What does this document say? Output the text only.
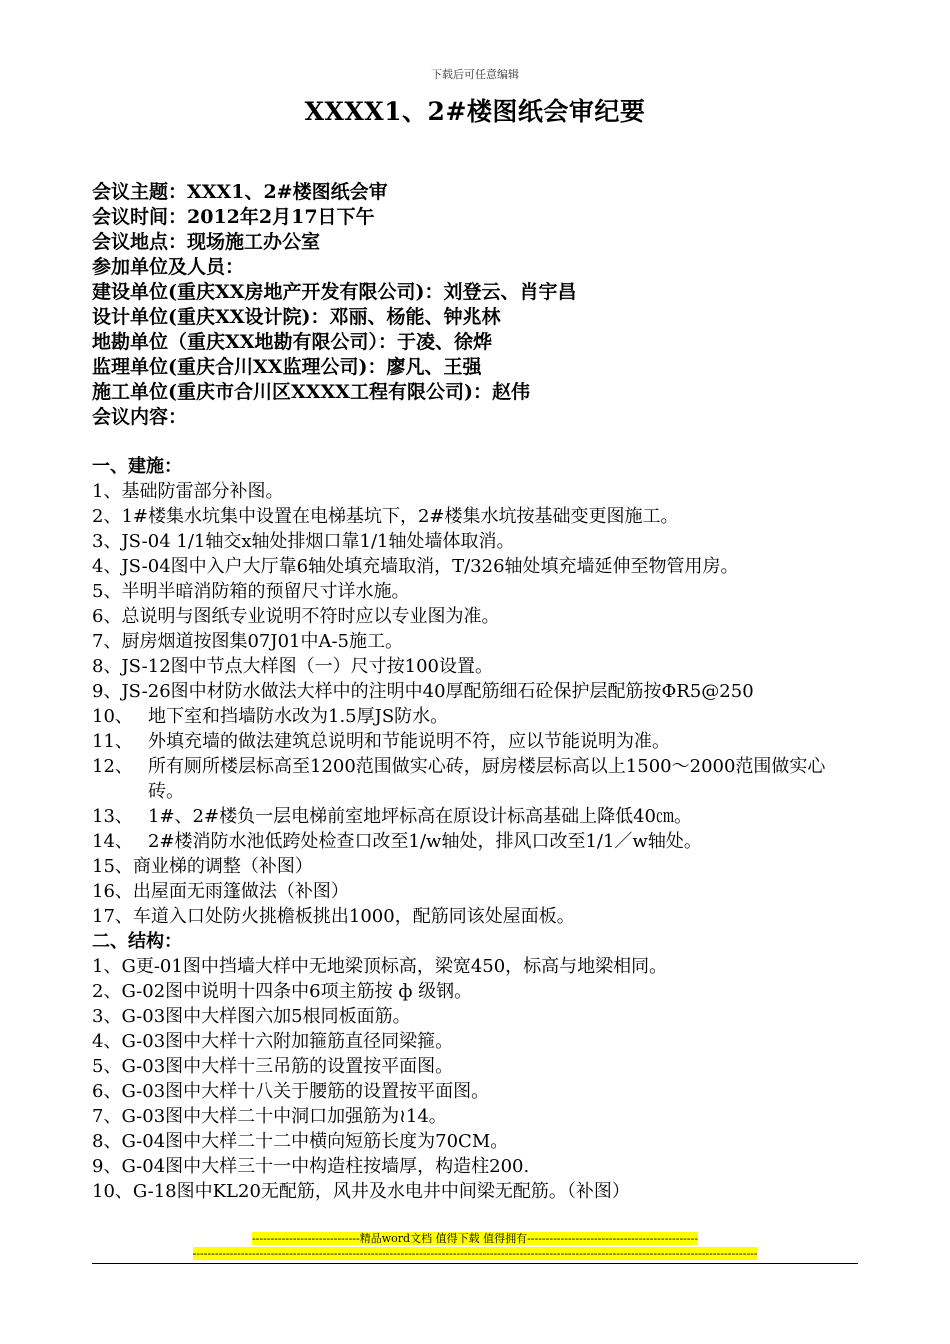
下载后可任意编辑
XXXX1、2#楼图纸会审纪要
会议主题：XXX1、2#楼图纸会审
会议时间：2012年2月17日下午
会议地点：现场施工办公室
参加单位及人员：
建设单位(重庆XX房地产开发有限公司)：刘登云、肖宇昌
设计单位(重庆XX设计院)：邓丽、杨能、钟兆林
地勘单位（重庆XX地勘有限公司）：于凌、徐烨
监理单位(重庆合川XX监理公司)：廖凡、王强
施工单位(重庆市合川区XXXX工程有限公司)：赵伟
会议内容：
一、建施：
1、基础防雷部分补图。
2、1#楼集水坑集中设置在电梯基坑下，2#楼集水坑按基础变更图施工。
3、JS-04 1/1轴交x轴处排烟口靠1/1轴处墙体取消。
4、JS-04图中入户大厅靠6轴处填充墙取消，T/326轴处填充墙延伸至物管用房。
5、半明半暗消防箱的预留尺寸详水施。
6、总说明与图纸专业说明不符时应以专业图为准。
7、厨房烟道按图集07J01中A-5施工。
8、JS-12图中节点大样图（一）尺寸按100设置。
9、JS-26图中材防水做法大样中的注明中40厚配筋细石砼保护层配筋按ΦR5@250
10、 地下室和挡墙防水改为1.5厚JS防水。
11、 外填充墙的做法建筑总说明和节能说明不符，应以节能说明为准。
12、 所有厕所楼层标高至1200范围做实心砖，厨房楼层标高以上1500～2000范围做实心砖。
13、 1#、2#楼负一层电梯前室地坪标高在原设计标高基础上降低40㎝。
14、 2#楼消防水池低跨处检查口改至1/w轴处，排风口改至1/1／w轴处。
15、商业梯的调整（补图）
16、出屋面无雨篷做法（补图）
17、车道入口处防火挑檐板挑出1000，配筋同该处屋面板。
二、结构：
1、G更-01图中挡墙大样中无地梁顶标高，梁宽450，标高与地梁相同。
2、G-02图中说明十四条中6项主筋按 ф 级钢。
3、G-03图中大样图六加5根同板面筋。
4、G-03图中大样十六附加箍筋直径同梁箍。
5、G-03图中大样十三吊筋的设置按平面图。
6、G-03图中大样十八关于腰筋的设置按平面图。
7、G-03图中大样二十中洞口加强筋为≀14。
8、G-04图中大样二十二中横向短筋长度为70CM。
9、G-04图中大样三十一中构造柱按墙厚，构造柱200.
10、G-18图中KL20无配筋，风井及水电井中间梁无配筋。（补图）
-----------------------------精品word文档 值得下载 值得拥有----------------------------------------------
--------------------------------------------------------------------------------------------------------------------------------------------------------
